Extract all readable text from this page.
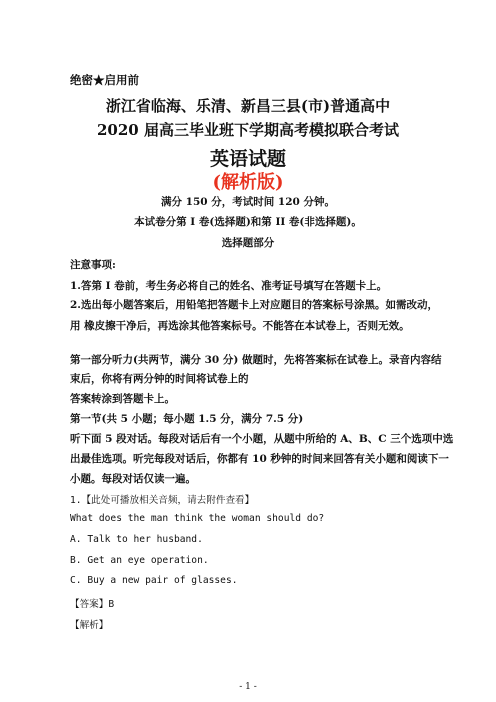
绝密★启用前
浙江省临海、乐清、新昌三县(市)普通高中
2020 届高三毕业班下学期高考模拟联合考试
英语试题
(解析版)
满分 150 分，考试时间 120 分钟。
本试卷分第 I 卷(选择题)和第 II 卷(非选择题)。
选择题部分
注意事项:
1.答第 I 卷前，考生务必将自己的姓名、准考证号填写在答题卡上。
2.选出每小题答案后，用铅笔把答题卡上对应题目的答案标号涂黑。如需改动，
用 橡皮擦干净后，再选涂其他答案标号。不能答在本试卷上，否则无效。
第一部分听力(共两节，满分 30 分) 做题时，先将答案标在试卷上。录音内容结
束后，你将有两分钟的时间将试卷上的
答案转涂到答题卡上。
第一节(共 5 小题；每小题 1.5 分，满分 7.5 分)
听下面 5 段对话。每段对话后有一个小题，从题中所给的 A、B、C 三个选项中选
出最佳选项。听完每段对话后，你都有 10 秒钟的时间来回答有关小题和阅读下一
小题。每段对话仅读一遍。
1.【此处可播放相关音频，请去附件查看】
What does the man think the woman should do?
A. Talk to her husband.
B. Get an eye operation.
C. Buy a new pair of glasses.
【答案】B
【解析】
- 1 -
